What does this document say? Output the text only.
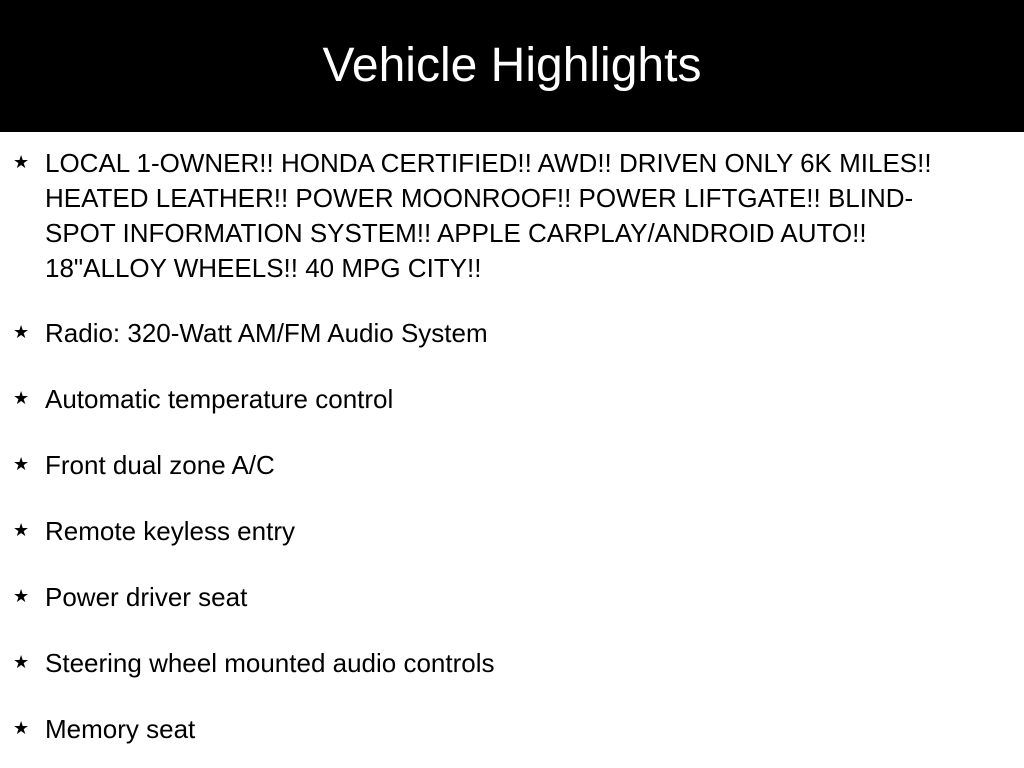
Vehicle Highlights
★ LOCAL 1-OWNER!! HONDA CERTIFIED!! AWD!! DRIVEN ONLY 6K MILES!! HEATED LEATHER!! POWER MOONROOF!! POWER LIFTGATE!! BLIND-SPOT INFORMATION SYSTEM!! APPLE CARPLAY/ANDROID AUTO!! 18"ALLOY WHEELS!! 40 MPG CITY!!
★ Radio: 320-Watt AM/FM Audio System
★ Automatic temperature control
★ Front dual zone A/C
★ Remote keyless entry
★ Power driver seat
★ Steering wheel mounted audio controls
★ Memory seat
